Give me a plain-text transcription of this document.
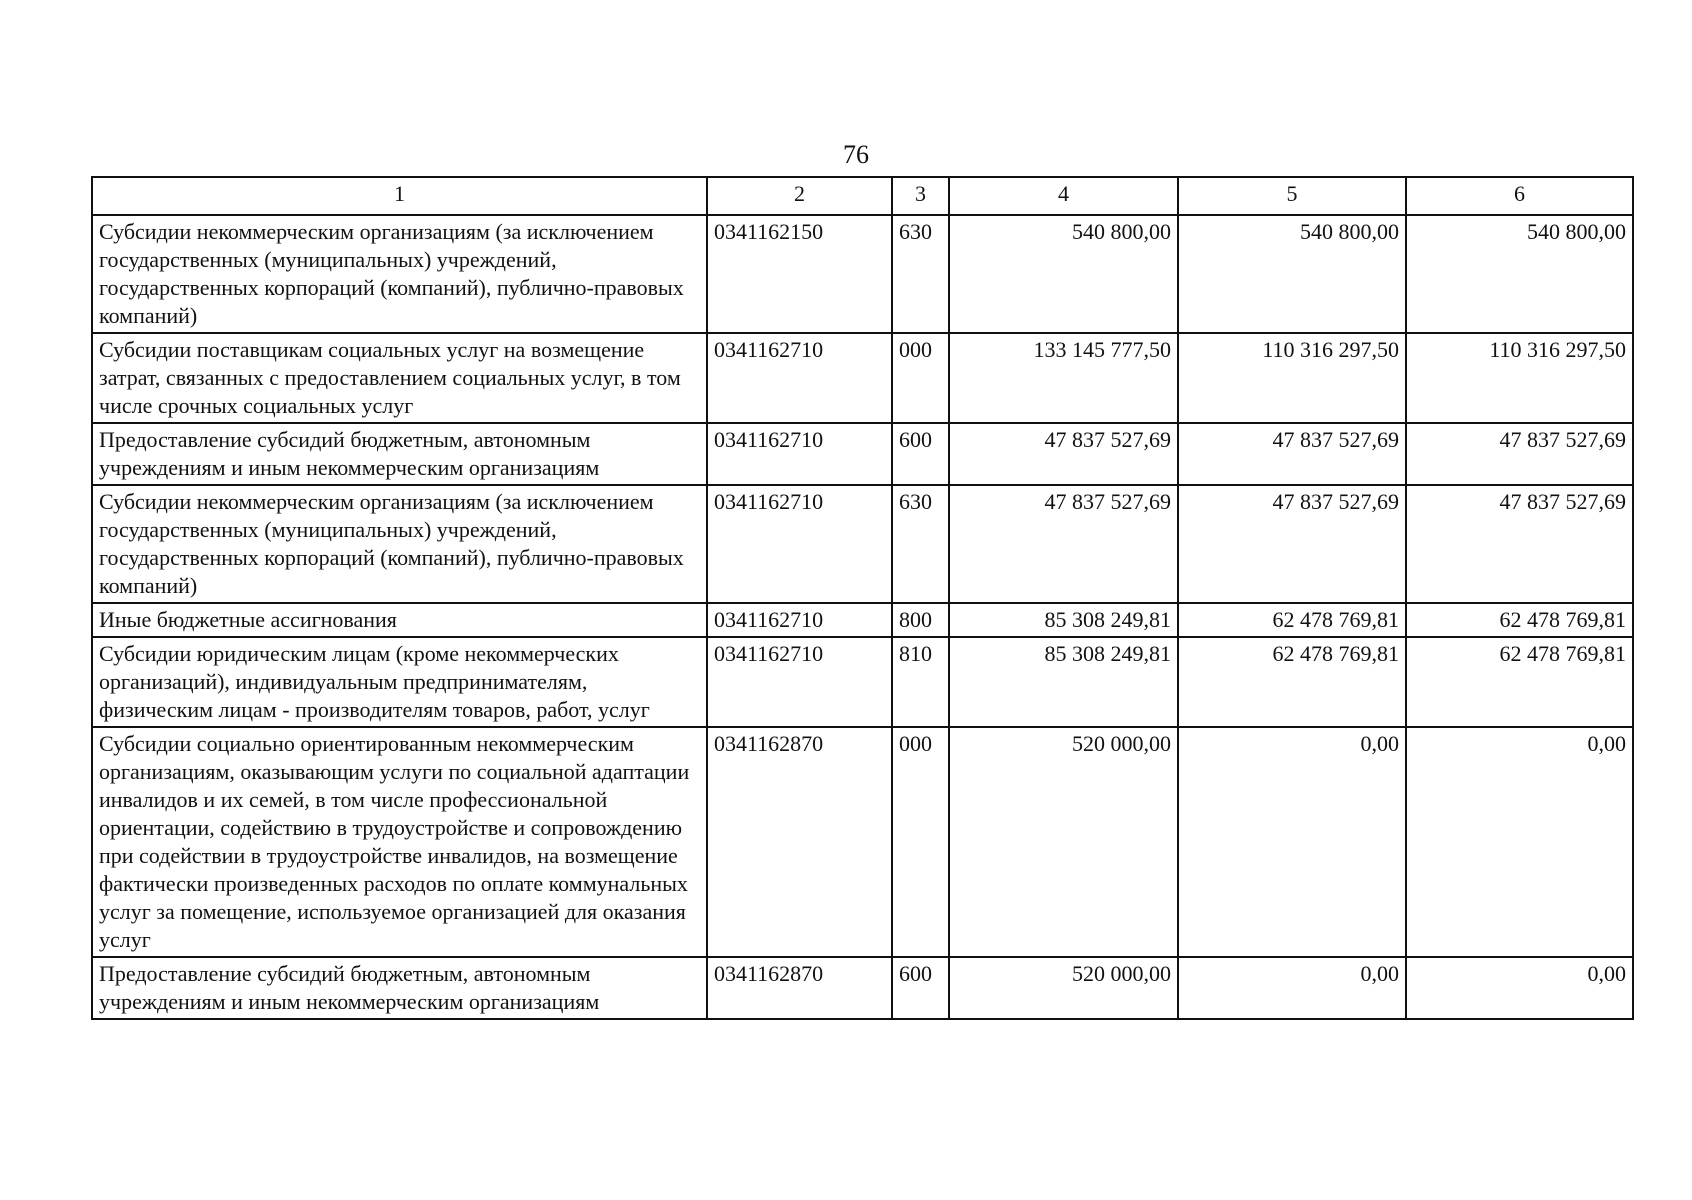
76
1	2	3	4	5	6
Субсидии некоммерческим организациям (за исключением государственных (муниципальных) учреждений, государственных корпораций (компаний), публично-правовых компаний)	0341162150	630	540 800,00	540 800,00	540 800,00
Субсидии поставщикам социальных услуг на возмещение затрат, связанных с предоставлением социальных услуг, в том числе срочных социальных услуг	0341162710	000	133 145 777,50	110 316 297,50	110 316 297,50
Предоставление субсидий бюджетным, автономным учреждениям и иным некоммерческим организациям	0341162710	600	47 837 527,69	47 837 527,69	47 837 527,69
Субсидии некоммерческим организациям (за исключением государственных (муниципальных) учреждений, государственных корпораций (компаний), публично-правовых компаний)	0341162710	630	47 837 527,69	47 837 527,69	47 837 527,69
Иные бюджетные ассигнования	0341162710	800	85 308 249,81	62 478 769,81	62 478 769,81
Субсидии юридическим лицам (кроме некоммерческих организаций), индивидуальным предпринимателям, физическим лицам - производителям товаров, работ, услуг	0341162710	810	85 308 249,81	62 478 769,81	62 478 769,81
Субсидии социально ориентированным некоммерческим организациям, оказывающим услуги по социальной адаптации инвалидов и их семей, в том числе профессиональной ориентации, содействию в трудоустройстве и сопровождению при содействии в трудоустройстве инвалидов, на возмещение фактически произведенных расходов по оплате коммунальных услуг за помещение, используемое организацией для оказания услуг	0341162870	000	520 000,00	0,00	0,00
Предоставление субсидий бюджетным, автономным учреждениям и иным некоммерческим организациям	0341162870	600	520 000,00	0,00	0,00
